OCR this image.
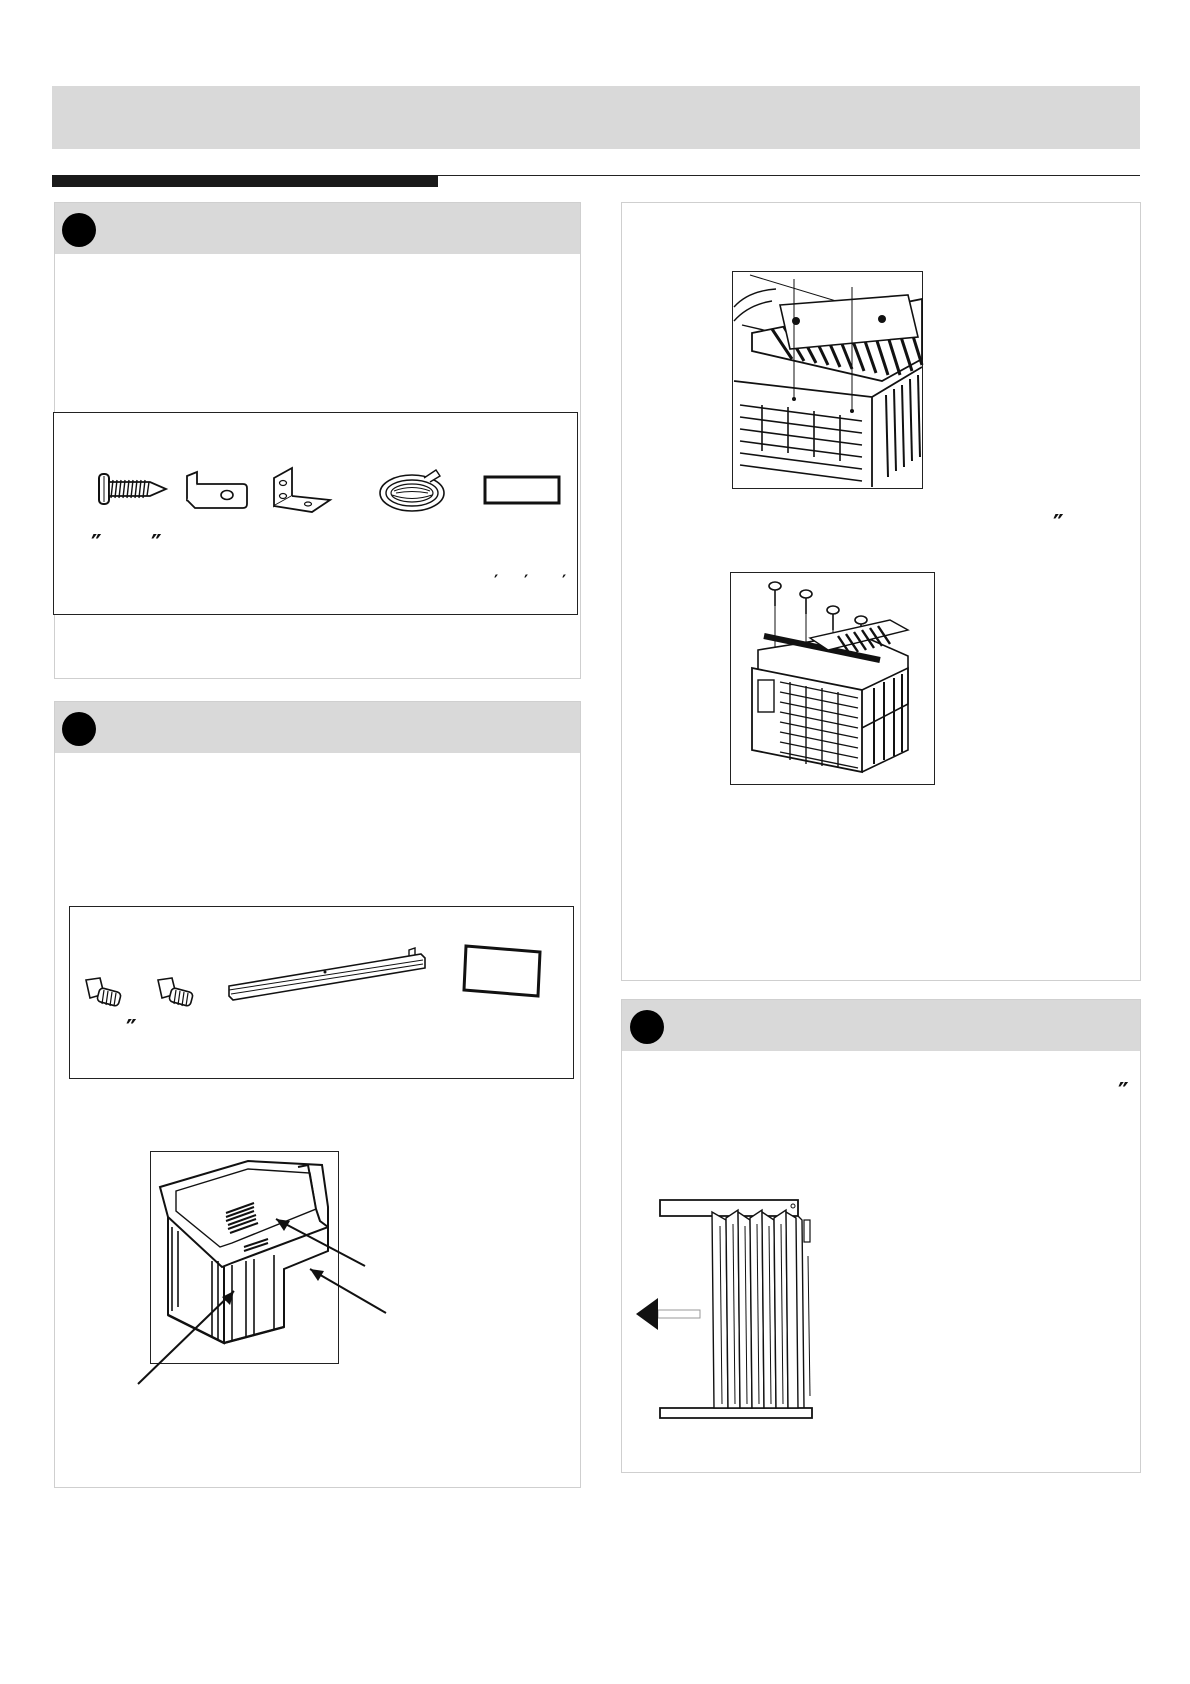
″ ″
′ ′ ′
″
″
″
